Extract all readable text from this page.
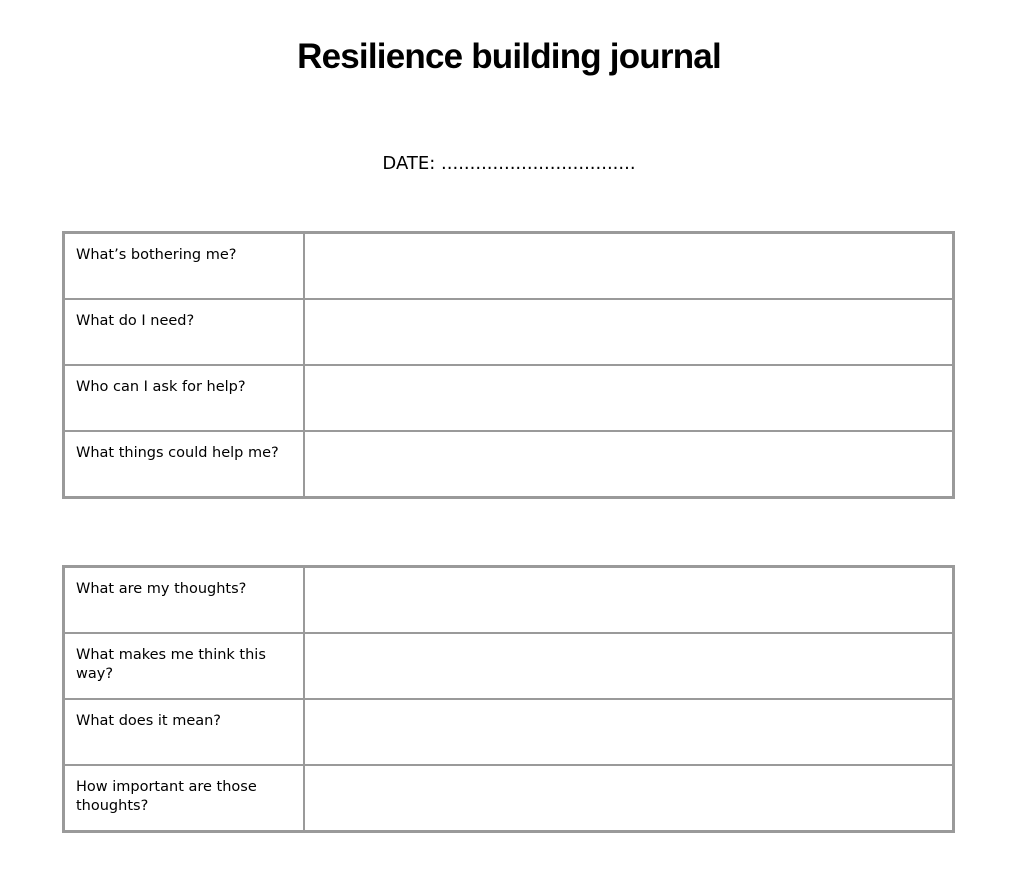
Resilience building journal
DATE: ..................................
What’s bothering me?	
What do I need?	
Who can I ask for help?	
What things could help me?	
What are my thoughts?	
What makes me think this way?	
What does it mean?	
How important are those thoughts?	
